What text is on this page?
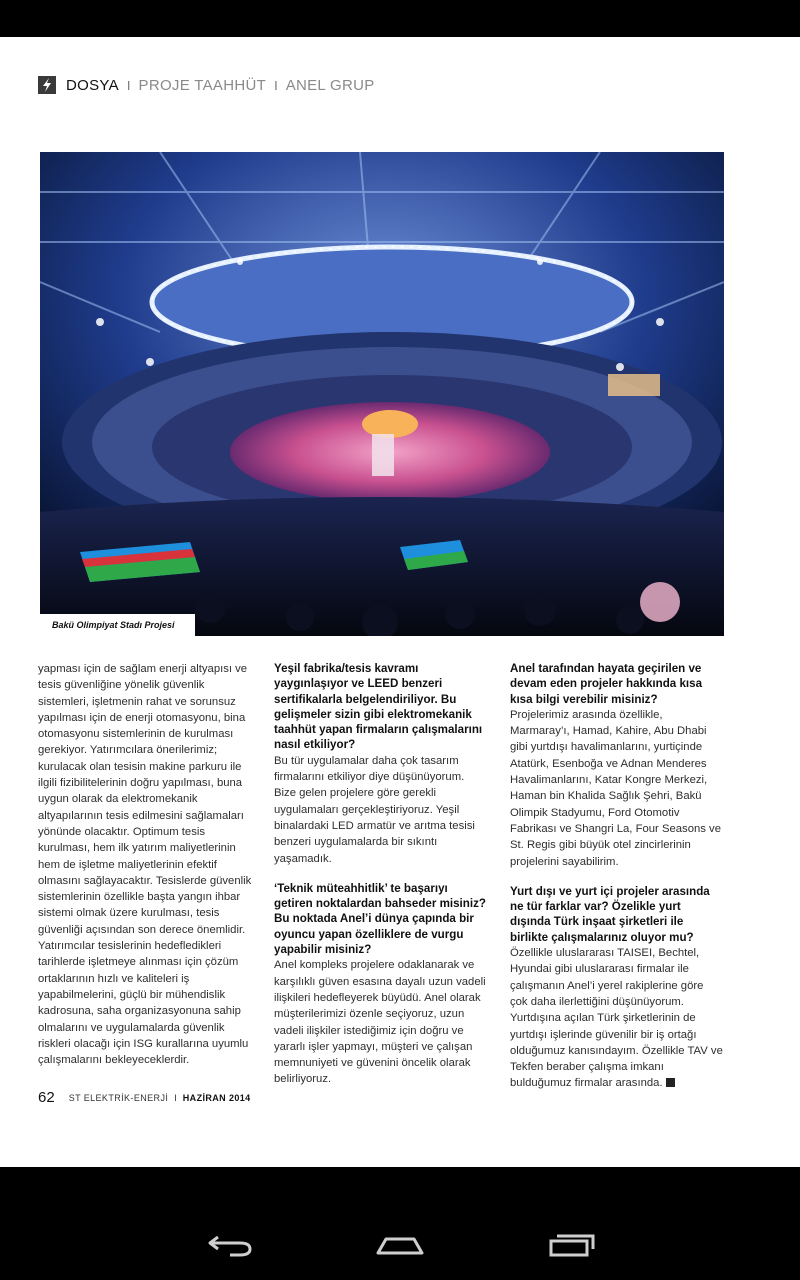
DOSYA I PROJE TAAHHÜT I ANEL GRUP
Bakü Olimpiyat Stadı Projesi

yapması için de sağlam enerji altyapısı ve tesis güvenliğine yönelik güvenlik sistemleri, işletmenin rahat ve sorunsuz yapılması için de enerji otomasyonu, bina otomasyonu sistemlerinin de kurulması gerekiyor. Yatırımcılara önerilerimiz; kurulacak olan tesisin makine parkuru ile ilgili fizibilitelerinin doğru yapılması, buna uygun olarak da elektromekanik altyapılarının tesis edilmesini sağlamaları yönünde olacaktır. Optimum tesis kurulması, hem ilk yatırım maliyetlerinin hem de işletme maliyetlerinin efektif olmasını sağlayacaktır. Tesislerde güvenlik sistemlerinin özellikle başta yangın ihbar sistemi olmak üzere kurulması, tesis güvenliği açısından son derece önemlidir.

Yatırımcılar tesislerinin hedefledikleri tarihlerde işletmeye alınması için çözüm ortaklarının hızlı ve kaliteleri iş yapabilmelerini, güçlü bir mühendislik kadrosuna, saha organizasyonuna sahip olmalarını ve uygulamalarda güvenlik riskleri olacağı için ISG kurallarına uyumlu çalışmalarını bekleyeceklerdir.

Yeşil fabrika/tesis kavramı yaygınlaşıyor ve LEED benzeri sertifikalarla belgelendiriliyor. Bu gelişmeler sizin gibi elektromekanik taahhüt yapan firmaların çalışmalarını nasıl etkiliyor?

Bu tür uygulamalar daha çok tasarım firmalarını etkiliyor diye düşünüyorum. Bize gelen projelere göre gerekli uygulamaları gerçekleştiriyoruz. Yeşil binalardaki LED armatür ve arıtma tesisi benzeri uygulamalarda bir sıkıntı yaşamadık.

‘Teknik müteahhitlik’ te başarıyı getiren noktalardan bahseder misiniz? Bu noktada Anel’i dünya çapında bir oyuncu yapan özelliklere de vurgu yapabilir misiniz?

Anel kompleks projelere odaklanarak ve karşılıklı güven esasına dayalı uzun vadeli ilişkileri hedefleyerek büyüdü. Anel olarak müşterilerimizi özenle seçiyoruz, uzun vadeli ilişkiler istediğimiz için doğru ve yararlı işler yapmayı, müşteri ve çalışan memnuniyeti ve güvenini öncelik olarak belirliyoruz.

Anel tarafından hayata geçirilen ve devam eden projeler hakkında kısa kısa bilgi verebilir misiniz?

Projelerimiz arasında özellikle, Marmaray’ı, Hamad, Kahire, Abu Dhabi gibi yurtdışı havalimanlarını, yurtiçinde Atatürk, Esenboğa ve Adnan Menderes Havalimanlarını, Katar Kongre Merkezi, Haman bin Khalida Sağlık Şehri, Bakü Olimpik Stadyumu, Ford Otomotiv Fabrikası ve Shangri La, Four Seasons ve St. Regis gibi büyük otel zincirlerinin projelerini sayabilirim.

Yurt dışı ve yurt içi projeler arasında ne tür farklar var? Özelikle yurt dışında Türk inşaat şirketleri ile birlikte çalışmalarınız oluyor mu?

Özellikle uluslararası TAISEI, Bechtel, Hyundai gibi uluslararası firmalar ile çalışmanın Anel’i yerel rakiplerine göre çok daha ilerlettiğini düşünüyorum. Yurtdışına açılan Türk şirketlerinin de yurtdışı işlerinde güvenilir bir iş ortağı olduğumuz kanısındayım. Özellikle TAV ve Tekfen beraber çalışma imkanı bulduğumuz firmalar arasında.

62 ST ELEKTRİK-ENERJİ I HAZİRAN 2014
